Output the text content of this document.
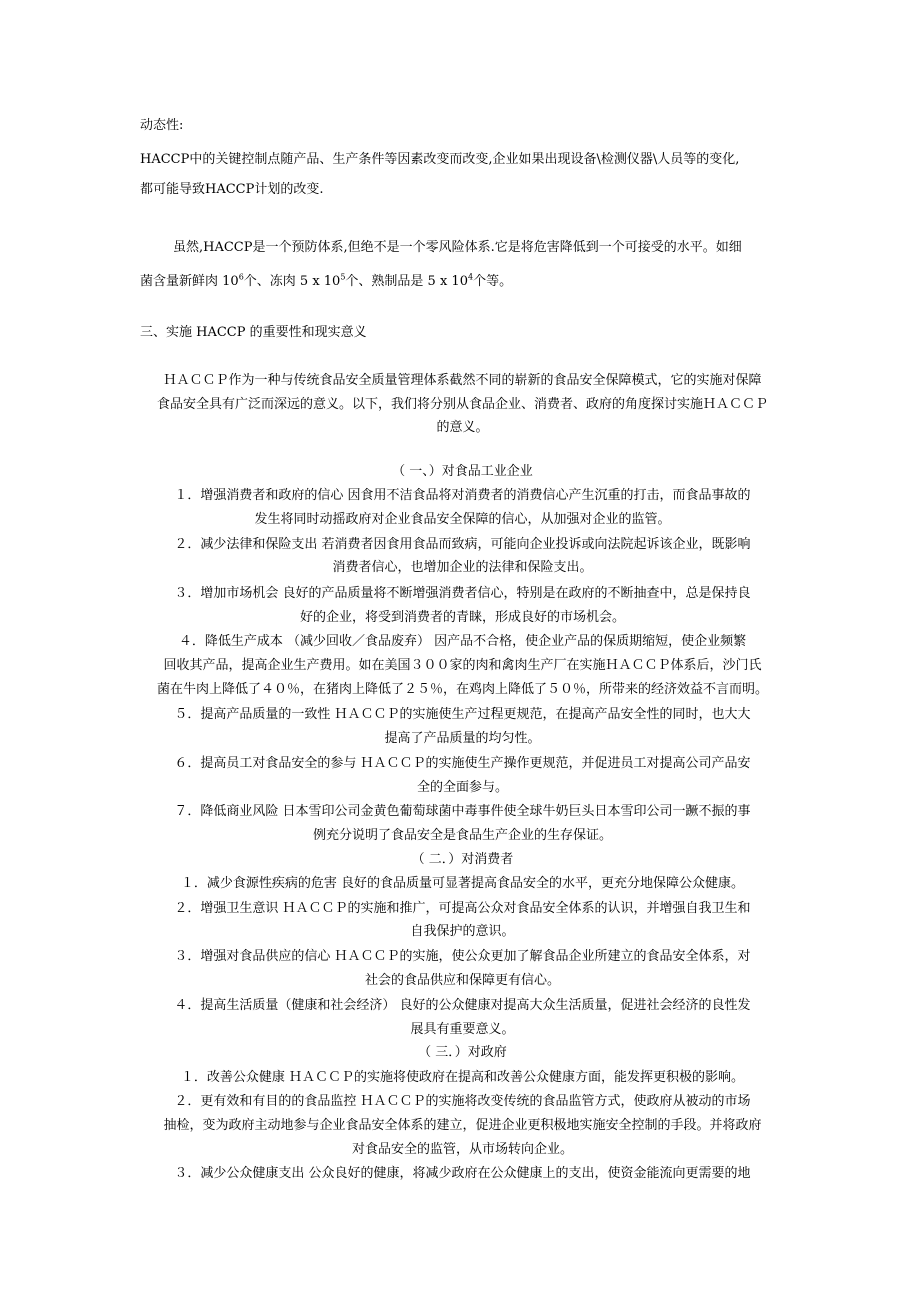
动态性:
HACCP中的关键控制点随产品、生产条件等因素改变而改变,企业如果出现设备\检测仪器\人员等的变化,
都可能导致HACCP计划的改变.
虽然,HACCP是一个预防体系,但绝不是一个零风险体系.它是将危害降低到一个可接受的水平。如细
菌含量新鲜肉 $10^6$个、冻肉 5 x $10^5$个、熟制品是 5 x $10^4$个等。
三、实施 HACCP 的重要性和现实意义
ＨＡＣＣＰ作为一种与传统食品安全质量管理体系截然不同的崭新的食品安全保障模式，它的实施对保障
食品安全具有广泛而深远的意义。以下，我们将分别从食品企业、消费者、政府的角度探讨实施ＨＡＣＣＰ
的意义。
（ 一、）对食品工业企业
１．增强消费者和政府的信心 因食用不洁食品将对消费者的消费信心产生沉重的打击，而食品事故的
发生将同时动摇政府对企业食品安全保障的信心，从加强对企业的监管。
２．减少法律和保险支出 若消费者因食用食品而致病，可能向企业投诉或向法院起诉该企业，既影响
消费者信心，也增加企业的法律和保险支出。
３．增加市场机会 良好的产品质量将不断增强消费者信心，特别是在政府的不断抽查中，总是保持良
好的企业，将受到消费者的青睐，形成良好的市场机会。
４．降低生产成本 （减少回收／食品废弃） 因产品不合格，使企业产品的保质期缩短，使企业频繁
回收其产品，提高企业生产费用。如在美国３００家的肉和禽肉生产厂在实施ＨＡＣＣＰ体系后，沙门氏
菌在牛肉上降低了４０％，在猪肉上降低了２５％，在鸡肉上降低了５０％，所带来的经济效益不言而明。
５．提高产品质量的一致性 ＨＡＣＣＰ的实施使生产过程更规范，在提高产品安全性的同时，也大大
提高了产品质量的均匀性。
６．提高员工对食品安全的参与 ＨＡＣＣＰ的实施使生产操作更规范，并促进员工对提高公司产品安
全的全面参与。
７．降低商业风险 日本雪印公司金黄色葡萄球菌中毒事件使全球牛奶巨头日本雪印公司一蹶不振的事
例充分说明了食品安全是食品生产企业的生存保证。
（ 二．）对消费者
１．减少食源性疾病的危害 良好的食品质量可显著提高食品安全的水平，更充分地保障公众健康。
２．增强卫生意识 ＨＡＣＣＰ的实施和推广，可提高公众对食品安全体系的认识，并增强自我卫生和
自我保护的意识。
３．增强对食品供应的信心 ＨＡＣＣＰ的实施，使公众更加了解食品企业所建立的食品安全体系，对
社会的食品供应和保障更有信心。
４．提高生活质量（健康和社会经济） 良好的公众健康对提高大众生活质量，促进社会经济的良性发
展具有重要意义。
（ 三．）对政府
１．改善公众健康 ＨＡＣＣＰ的实施将使政府在提高和改善公众健康方面，能发挥更积极的影响。
２．更有效和有目的的食品监控 ＨＡＣＣＰ的实施将改变传统的食品监管方式，使政府从被动的市场
抽检，变为政府主动地参与企业食品安全体系的建立，促进企业更积极地实施安全控制的手段。并将政府
对食品安全的监管，从市场转向企业。
３．减少公众健康支出 公众良好的健康，将减少政府在公众健康上的支出，使资金能流向更需要的地
